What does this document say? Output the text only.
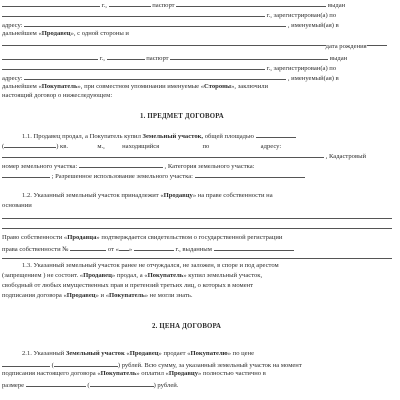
г.,	паспорт	выдан
г., зарегистрирован(а) по
адресу:	, именуемый(ая) в
дальнейшем «Продавец», с одной стороны и
дата рождения
г.,	паспорт	выдан
г., зарегистрирован(а) по
адресу:	, именуемый(ая) в
дальнейшем «Покупатель», при совместном упоминании именуемые «Стороны», заключили
настоящий договор о нижеследующем:
1. ПРЕДМЕТ ДОГОВОРА
1.1. Продавец продал, а Покупатель купил Земельный участок, общей площадью
(	) кв.	м.,	находящийся	по	адресу:
, Кадастровый
номер земельного участка:	, Категория земельного участка:
; Разрешенное использование земельного участка:
1.2. Указанный земельный участок принадлежит «Продавцу» на праве собственности на
основании
Право собственности «Продавца» подтверждается свидетельством о государственной регистрации
права собственности №	от « »	г., выданным
1.3. Указанный земельный участок ранее не отчуждался, не заложен, в споре и под арестом
(запрещением ) не состоит. «Продавец» продал, а «Покупатель» купил земельный участок,
свободный от любых имущественных прав и претензий третьих лиц, о которых в момент
подписания договора «Продавец» и «Покупатель» не могли знать.
2. ЦЕНА ДОГОВОРА
2.1. Указанный Земельный участок «Продавец» продает «Покупателю» по цене
(	) рублей. Всю сумму, за указанный земельный участок на момент
подписания настоящего договора «Покупатель» оплатил «Продавцу» полностью частично в
размере	(	) рублей.
